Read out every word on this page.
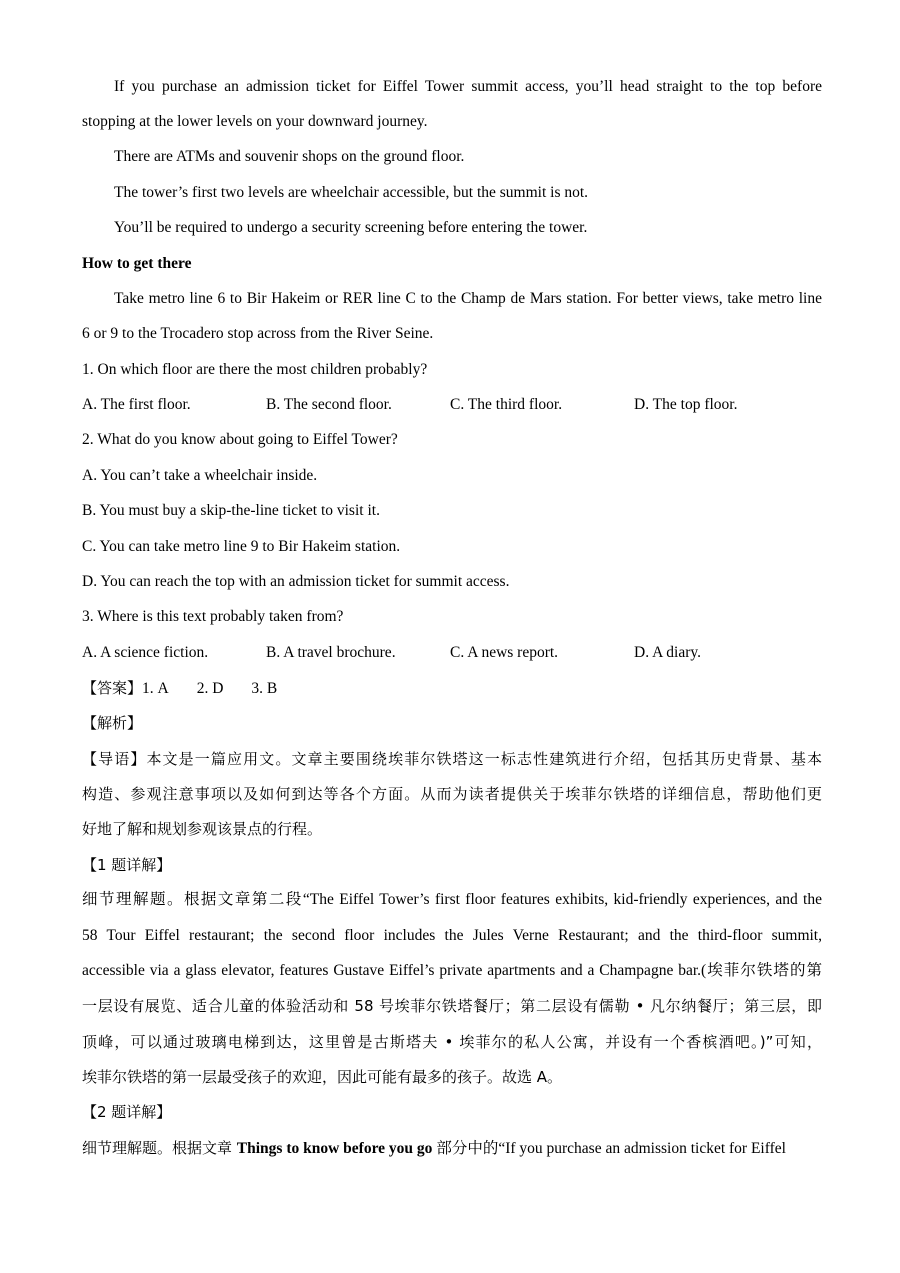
If you purchase an admission ticket for Eiffel Tower summit access, you’ll head straight to the top before
stopping at the lower levels on your downward journey.
There are ATMs and souvenir shops on the ground floor.
The tower’s first two levels are wheelchair accessible, but the summit is not.
You’ll be required to undergo a security screening before entering the tower.
How to get there
Take metro line 6 to Bir Hakeim or RER line C to the Champ de Mars station. For better views, take metro line
6 or 9 to the Trocadero stop across from the River Seine.
1. On which floor are there the most children probably?
A. The first floor.	B. The second floor.	C. The third floor.	D. The top floor.
2. What do you know about going to Eiffel Tower?
A. You can’t take a wheelchair inside.
B. You must buy a skip-the-line ticket to visit it.
C. You can take metro line 9 to Bir Hakeim station.
D. You can reach the top with an admission ticket for summit access.
3. Where is this text probably taken from?
A. A science fiction.	B. A travel brochure.	C. A news report.	D. A diary.
【答案】1. A 2. D 3. B
【解析】
【导语】本文是一篇应用文。文章主要围绕埃菲尔铁塔这一标志性建筑进行介绍，包括其历史背景、基本
构造、参观注意事项以及如何到达等各个方面。从而为读者提供关于埃菲尔铁塔的详细信息，帮助他们更
好地了解和规划参观该景点的行程。
【1 题详解】
细节理解题。根据文章第二段“The Eiffel Tower’s first floor features exhibits, kid-friendly experiences, and the
58 Tour Eiffel restaurant; the second floor includes the Jules Verne Restaurant; and the third-floor summit,
accessible via a glass elevator, features Gustave Eiffel’s private apartments and a Champagne bar.(埃菲尔铁塔的第
一层设有展览、适合儿童的体验活动和 58 号埃菲尔铁塔餐厅；第二层设有儒勒 • 凡尔纳餐厅；第三层，即
顶峰，可以通过玻璃电梯到达，这里曾是古斯塔夫 • 埃菲尔的私人公寓，并设有一个香槟酒吧。)”可知，
埃菲尔铁塔的第一层最受孩子的欢迎，因此可能有最多的孩子。故选 A。
【2 题详解】
细节理解题。根据文章 Things to know before you go 部分中的“If you purchase an admission ticket for Eiffel
